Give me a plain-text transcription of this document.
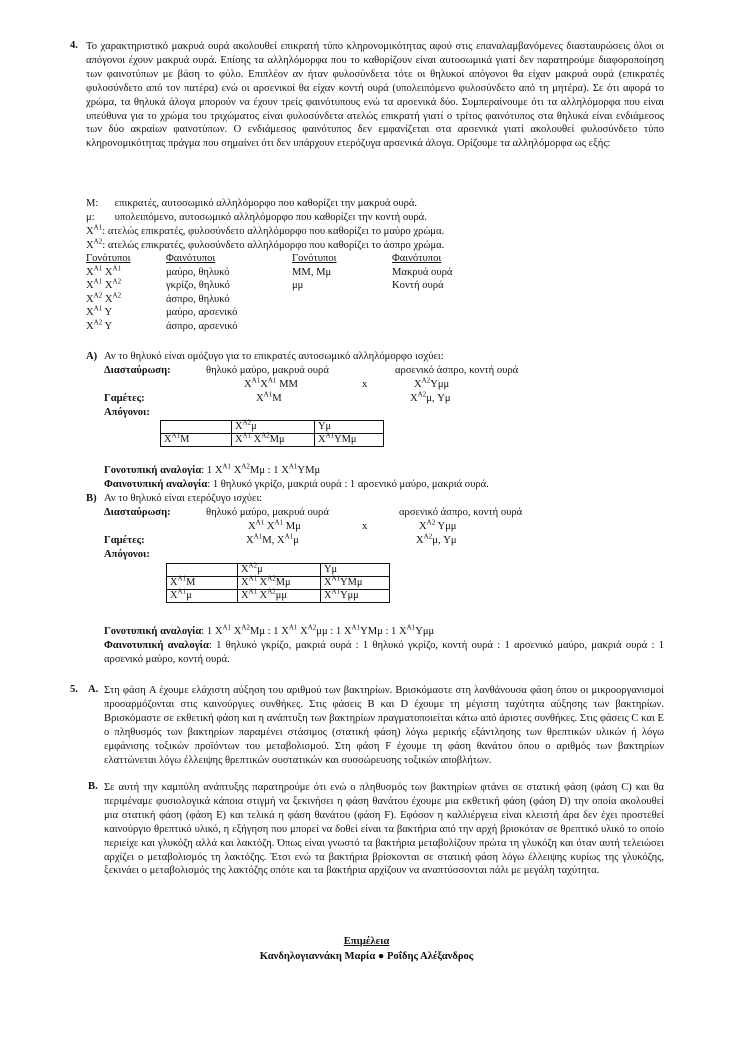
4. Το χαρακτηριστικό μακρυά ουρά ακολουθεί επικρατή τύπο κληρονομικότητας αφού στις επαναλαμβανόμενες διασταυρώσεις όλοι οι απόγονοι έχουν μακρυά ουρά. Επίσης τα αλληλόμορφα που το καθορίζουν είναι αυτοσωμικά γιατί δεν παρατηρούμε διαφοροποίηση των φαινοτύπων με βάση το φύλο. Επιπλέον αν ήταν φυλοσύνδετα τότε οι θηλυκοί απόγονοι θα είχαν μακρυά ουρά (επικρατές φυλοσύνδετο από τον πατέρα) ενώ οι αρσενικοί θα είχαν κοντή ουρά (υπολειπόμενο φυλοσύνδετο από τη μητέρα). Σε ότι αφορά το χρώμα, τα θηλυκά άλογα μπορούν να έχουν τρείς φαινότυπους ενώ τα αρσενικά δύο. Συμπεραίνουμε ότι τα αλληλόμορφα που είναι υπεύθυνα για το χρώμα του τριχώματος είναι φυλοσύνδετα ατελώς επικρατή γιατί ο τρίτος φαινότυπος στα θηλυκά είναι ενδιάμεσος των δύο ακραίων φαινοτύπων. Ο ενδιάμεσος φαινότυπος δεν εμφανίζεται στα αρσενικά γιατί ακολουθεί φυλοσύνδετο τύπο κληρονομικότητας πράγμα που σημαίνει ότι δεν υπάρχουν ετερόζυγα αρσενικά άλογα. Ορίζουμε τα αλληλόμορφα ως εξής:
M: επικρατές, αυτοσωμικό αλληλόμορφο που καθορίζει την μακρυά ουρά.
μ: υπολειπόμενο, αυτοσωμικό αλληλόμορφο που καθορίζει την κοντή ουρά.
$X^{A1}$: ατελώς επικρατές, φυλοσύνδετο αλληλόμορφο που καθορίζει το μαύρο χρώμα.
$X^{A2}$: ατελώς επικρατές, φυλοσύνδετο αλληλόμορφο που καθορίζει το άσπρο χρώμα.
Γονότυποι	Φαινότυποι	Γονότυποι	Φαινότυποι
$X^{A1}$ $X^{A1}$	μαύρο, θηλυκό	MM, Mμ	Μακρυά ουρά
$X^{A1}$ $X^{A2}$	γκρίζο, θηλυκό	μμ	Κοντή ουρά
$X^{A2}$ $X^{A2}$	άσπρο, θηλυκό		
$X^{A1}$ Y	μαύρο, αρσενικό		
$X^{A2}$ Y	άσπρο, αρσενικό		
A) Αν το θηλυκό είναι ομόζυγο για το επικρατές αυτοσωμικό αλληλόμορφο ισχύει:
Διασταύρωση:	θηλυκό μαύρο, μακρυά ουρά	αρσενικό άσπρο, κοντή ουρά
$X^{A1}X^{A1}$ MM	x	$X^{A2}Y\mu\mu$
Γαμέτες:	$X^{A1}M$	$X^{A2}\mu$, Yμ
Απόγονοι:
	$X^{A2}\mu$	Yμ
$X^{A1}M$	$X^{A1}$ $X^{A2}M\mu$	$X^{A1}YM\mu$
Γονοτυπική αναλογία: 1 $X^{A1}$ $X^{A2}M\mu$ : 1 $X^{A1}YM\mu$
Φαινοτυπική αναλογία: 1 θηλυκό γκρίζο, μακριά ουρά : 1 αρσενικό μαύρο, μακριά ουρά.
B) Αν το θηλυκό είναι ετερόζυγο ισχύει:
Διασταύρωση:	θηλυκό μαύρο, μακρυά ουρά	αρσενικό άσπρο, κοντή ουρά
$X^{A1}$ $X^{A1}$ Mμ	x	$X^{A2}$ Yμμ
Γαμέτες:	$X^{A1}M$, $X^{A1}\mu$	$X^{A2}\mu$, Yμ
Απόγονοι:
	$X^{A2}\mu$	Yμ
$X^{A1}M$	$X^{A1}$ $X^{A2}M\mu$	$X^{A1}YM\mu$
$X^{A1}\mu$	$X^{A1}$ $X^{A2}\mu\mu$	$X^{A1}Y\mu\mu$
Γονοτυπική αναλογία: 1 $X^{A1}$ $X^{A2}M\mu$ : 1 $X^{A1}$ $X^{A2}\mu\mu$ : 1 $X^{A1}YM\mu$ : 1 $X^{A1}Y\mu\mu$
Φαινοτυπική αναλογία: 1 θηλυκό γκρίζο, μακριά ουρά : 1 θηλυκό γκρίζο, κοντή ουρά : 1 αρσενικό μαύρο, μακριά ουρά : 1 αρσενικό μαύρο, κοντή ουρά.
5. A. Στη φάση A έχουμε ελάχιστη αύξηση του αριθμού των βακτηρίων. Βρισκόμαστε στη λανθάνουσα φάση όπου οι μικροοργανισμοί προσαρμόζονται στις καινούργιες συνθήκες. Στις φάσεις B και D έχουμε τη μέγιστη ταχύτητα αύξησης των βακτηρίων. Βρισκόμαστε σε εκθετική φάση και η ανάπτυξη των βακτηρίων πραγματοποιείται κάτω από άριστες συνθήκες. Στις φάσεις C και E ο πληθυσμός των βακτηρίων παραμένει στάσιμος (στατική φάση) λόγω μερικής εξάντλησης των θρεπτικών υλικών ή λόγω εμφάνισης τοξικών προϊόντων του μεταβολισμού. Στη φάση F έχουμε τη φάση θανάτου όπου ο αριθμός των βακτηρίων ελαττώνεται λόγω έλλειψης θρεπτικών συστατικών και συσσώρευσης τοξικών αποβλήτων.
B. Σε αυτή την καμπύλη ανάπτυξης παρατηρούμε ότι ενώ ο πληθυσμός των βακτηρίων φτάνει σε στατική φάση (φάση C) και θα περιμέναμε φυσιολογικά κάποια στιγμή να ξεκινήσει η φάση θανάτου έχουμε μια εκθετική φάση (φάση D) την οποία ακολουθεί μια στατική φάση (φάση E) και τελικά η φάση θανάτου (φάση F). Εφόσον η καλλιέργεια είναι κλειστή άρα δεν έχει προστεθεί καινούργιο θρεπτικό υλικό, η εξήγηση που μπορεί να δοθεί είναι τα βακτήρια από την αρχή βρισκόταν σε θρεπτικό υλικό το οποίο περιείχε και γλυκόζη αλλά και λακτόζη. Όπως είναι γνωστό τα βακτήρια μεταβολίζουν πρώτα τη γλυκόζη και όταν αυτή τελειώσει αρχίζει ο μεταβολισμός τη λακτόζης. Έτσι ενώ τα βακτήρια βρίσκονται σε στατική φάση λόγω έλλειψης κυρίως της γλυκόζης, ξεκινάει ο μεταβολισμός της λακτόζης οπότε και τα βακτήρια αρχίζουν να αναπτύσσονται πάλι με μεγάλη ταχύτητα.
Επιμέλεια
Κανδηλογιαννάκη Μαρία ● Ροΐδης Αλέξανδρος
